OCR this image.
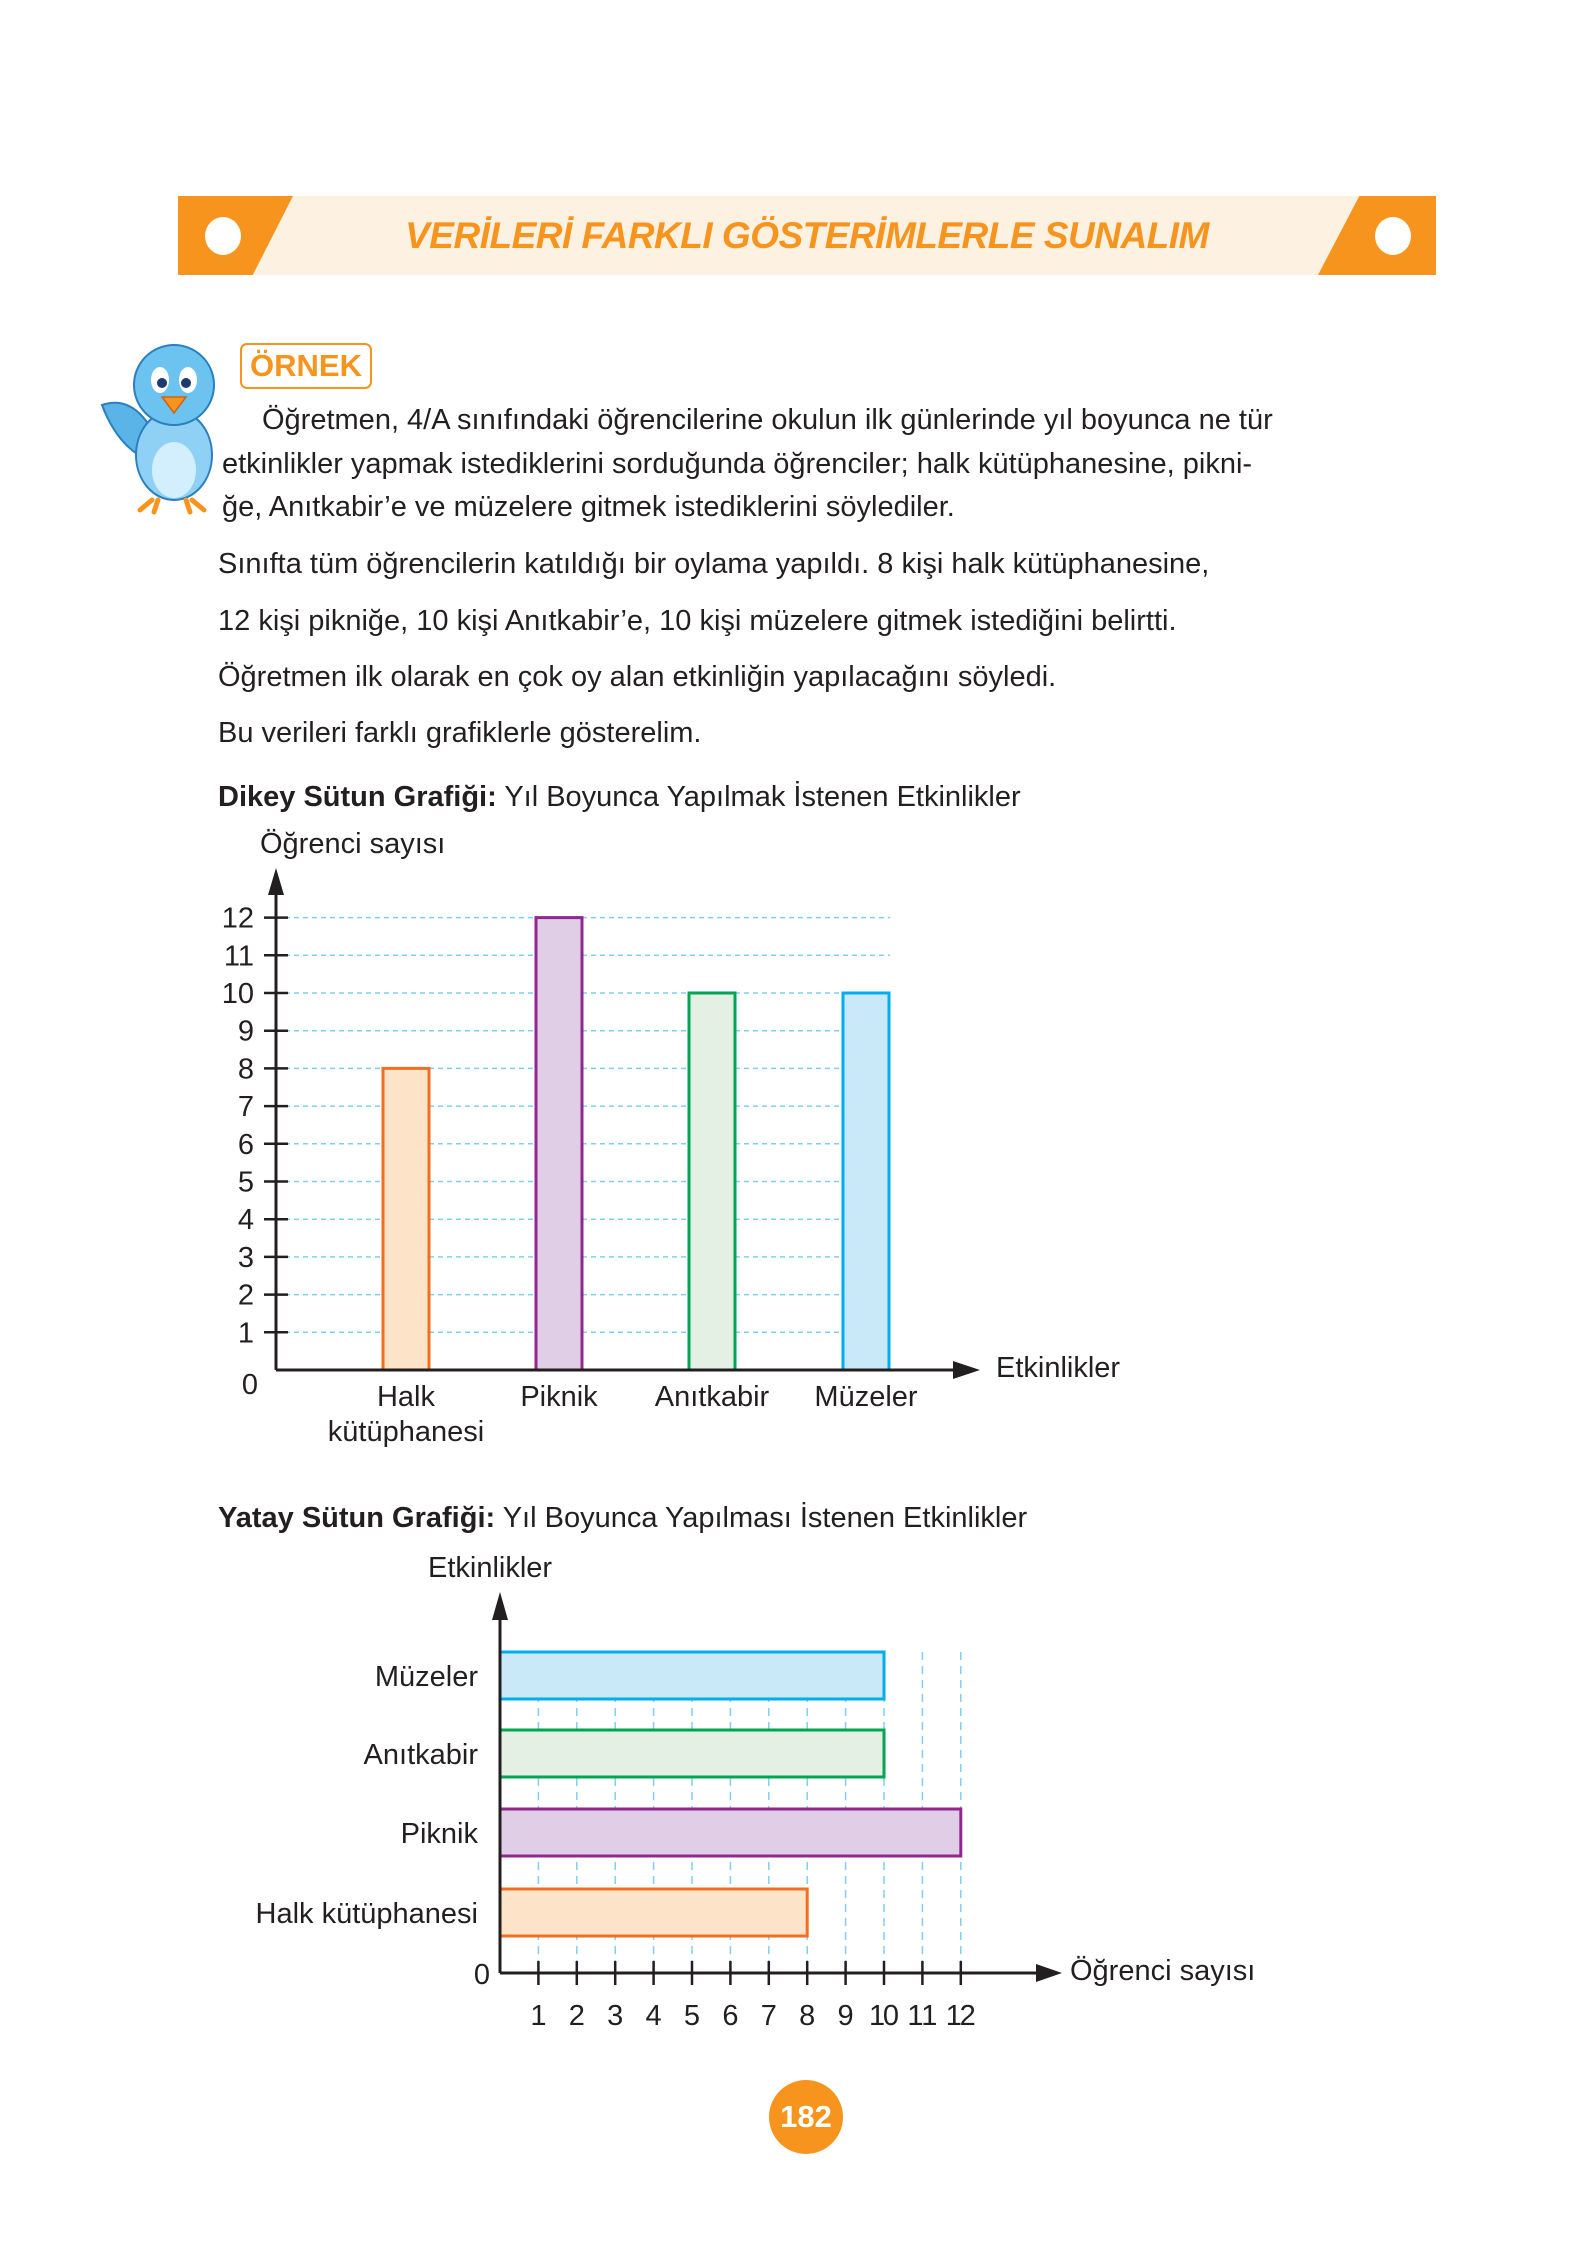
VERİLERİ FARKLI GÖSTERİMLERLE SUNALIM
ÖRNEK
Öğretmen, 4/A sınıfındaki öğrencilerine okulun ilk günlerinde yıl boyunca ne tür
etkinlikler yapmak istediklerini sorduğunda öğrenciler; halk kütüphanesine, pikni-
ğe, Anıtkabir’e ve müzelere gitmek istediklerini söylediler.
Sınıfta tüm öğrencilerin katıldığı bir oylama yapıldı. 8 kişi halk kütüphanesine,
12 kişi pikniğe, 10 kişi Anıtkabir’e, 10 kişi müzelere gitmek istediğini belirtti.
Öğretmen ilk olarak en çok oy alan etkinliğin yapılacağını söyledi.
Bu verileri farklı grafiklerle gösterelim.
Dikey Sütun Grafiği: Yıl Boyunca Yapılmak İstenen Etkinlikler
Öğrenci sayısı
Etkinlikler
Yatay Sütun Grafiği: Yıl Boyunca Yapılması İstenen Etkinlikler
Etkinlikler
Öğrenci sayısı
0
1
2
3
4
5
6
7
8
9
10
11
12
Halk
kütüphanesi
Piknik Anıtkabir Müzeler
Müzeler
Anıtkabir
Piknik
Halk kütüphanesi
0
1 2 3 4 5 6 7 8 9 10 11 12
182
